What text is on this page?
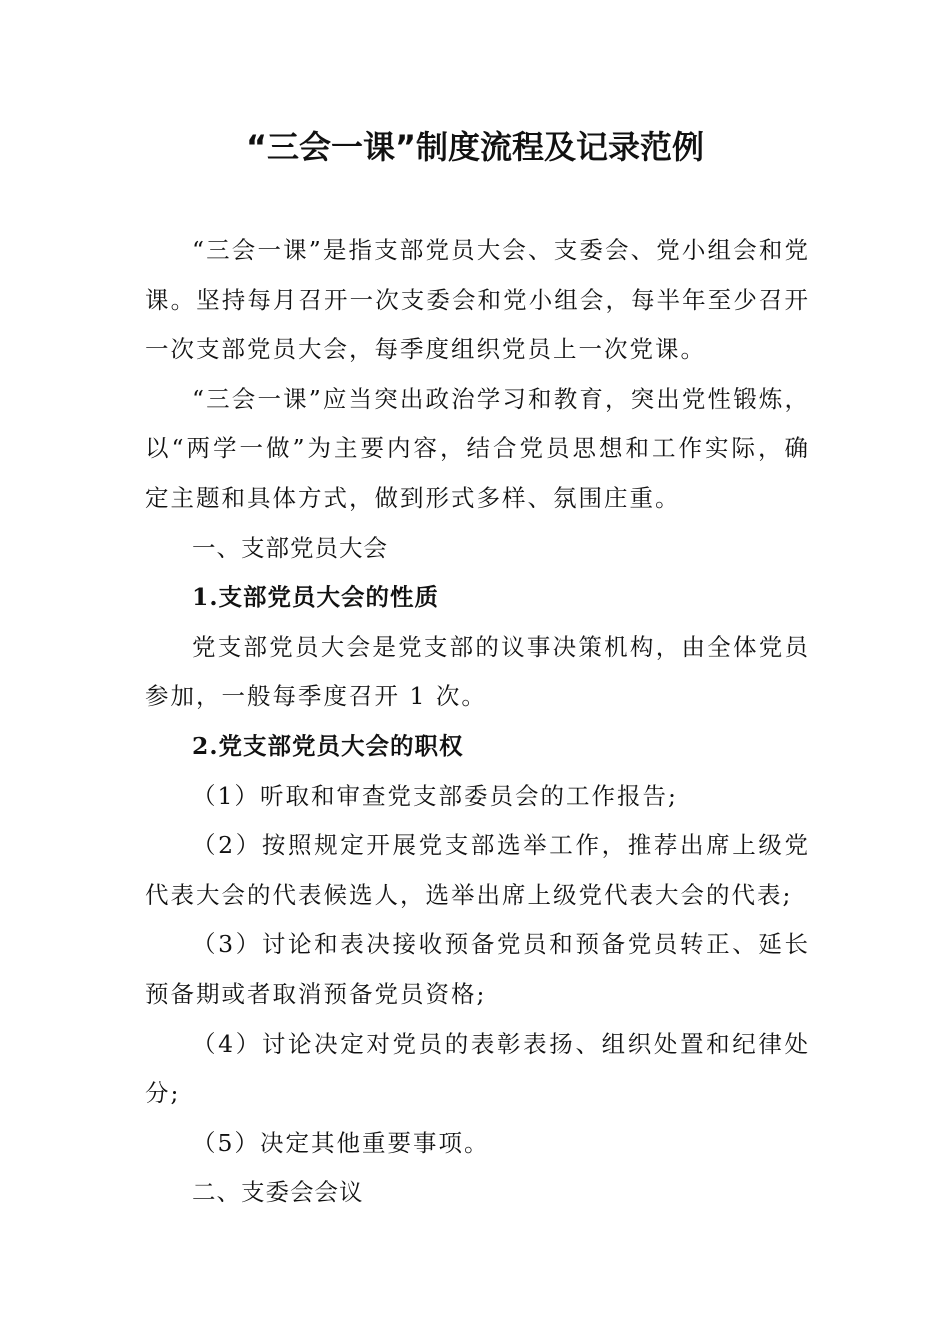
“三会一课”制度流程及记录范例

“三会一课”是指支部党员大会、支委会、党小组会和党课。坚持每月召开一次支委会和党小组会，每半年至少召开一次支部党员大会，每季度组织党员上一次党课。

“三会一课”应当突出政治学习和教育，突出党性锻炼，以“两学一做”为主要内容，结合党员思想和工作实际，确定主题和具体方式，做到形式多样、氛围庄重。

一、支部党员大会

1.支部党员大会的性质

党支部党员大会是党支部的议事决策机构，由全体党员参加，一般每季度召开 1 次。

2.党支部党员大会的职权

（1）听取和审查党支部委员会的工作报告;

（2）按照规定开展党支部选举工作，推荐出席上级党代表大会的代表候选人，选举出席上级党代表大会的代表;

（3）讨论和表决接收预备党员和预备党员转正、延长预备期或者取消预备党员资格;

（4）讨论决定对党员的表彰表扬、组织处置和纪律处分;

（5）决定其他重要事项。

二、支委会会议
